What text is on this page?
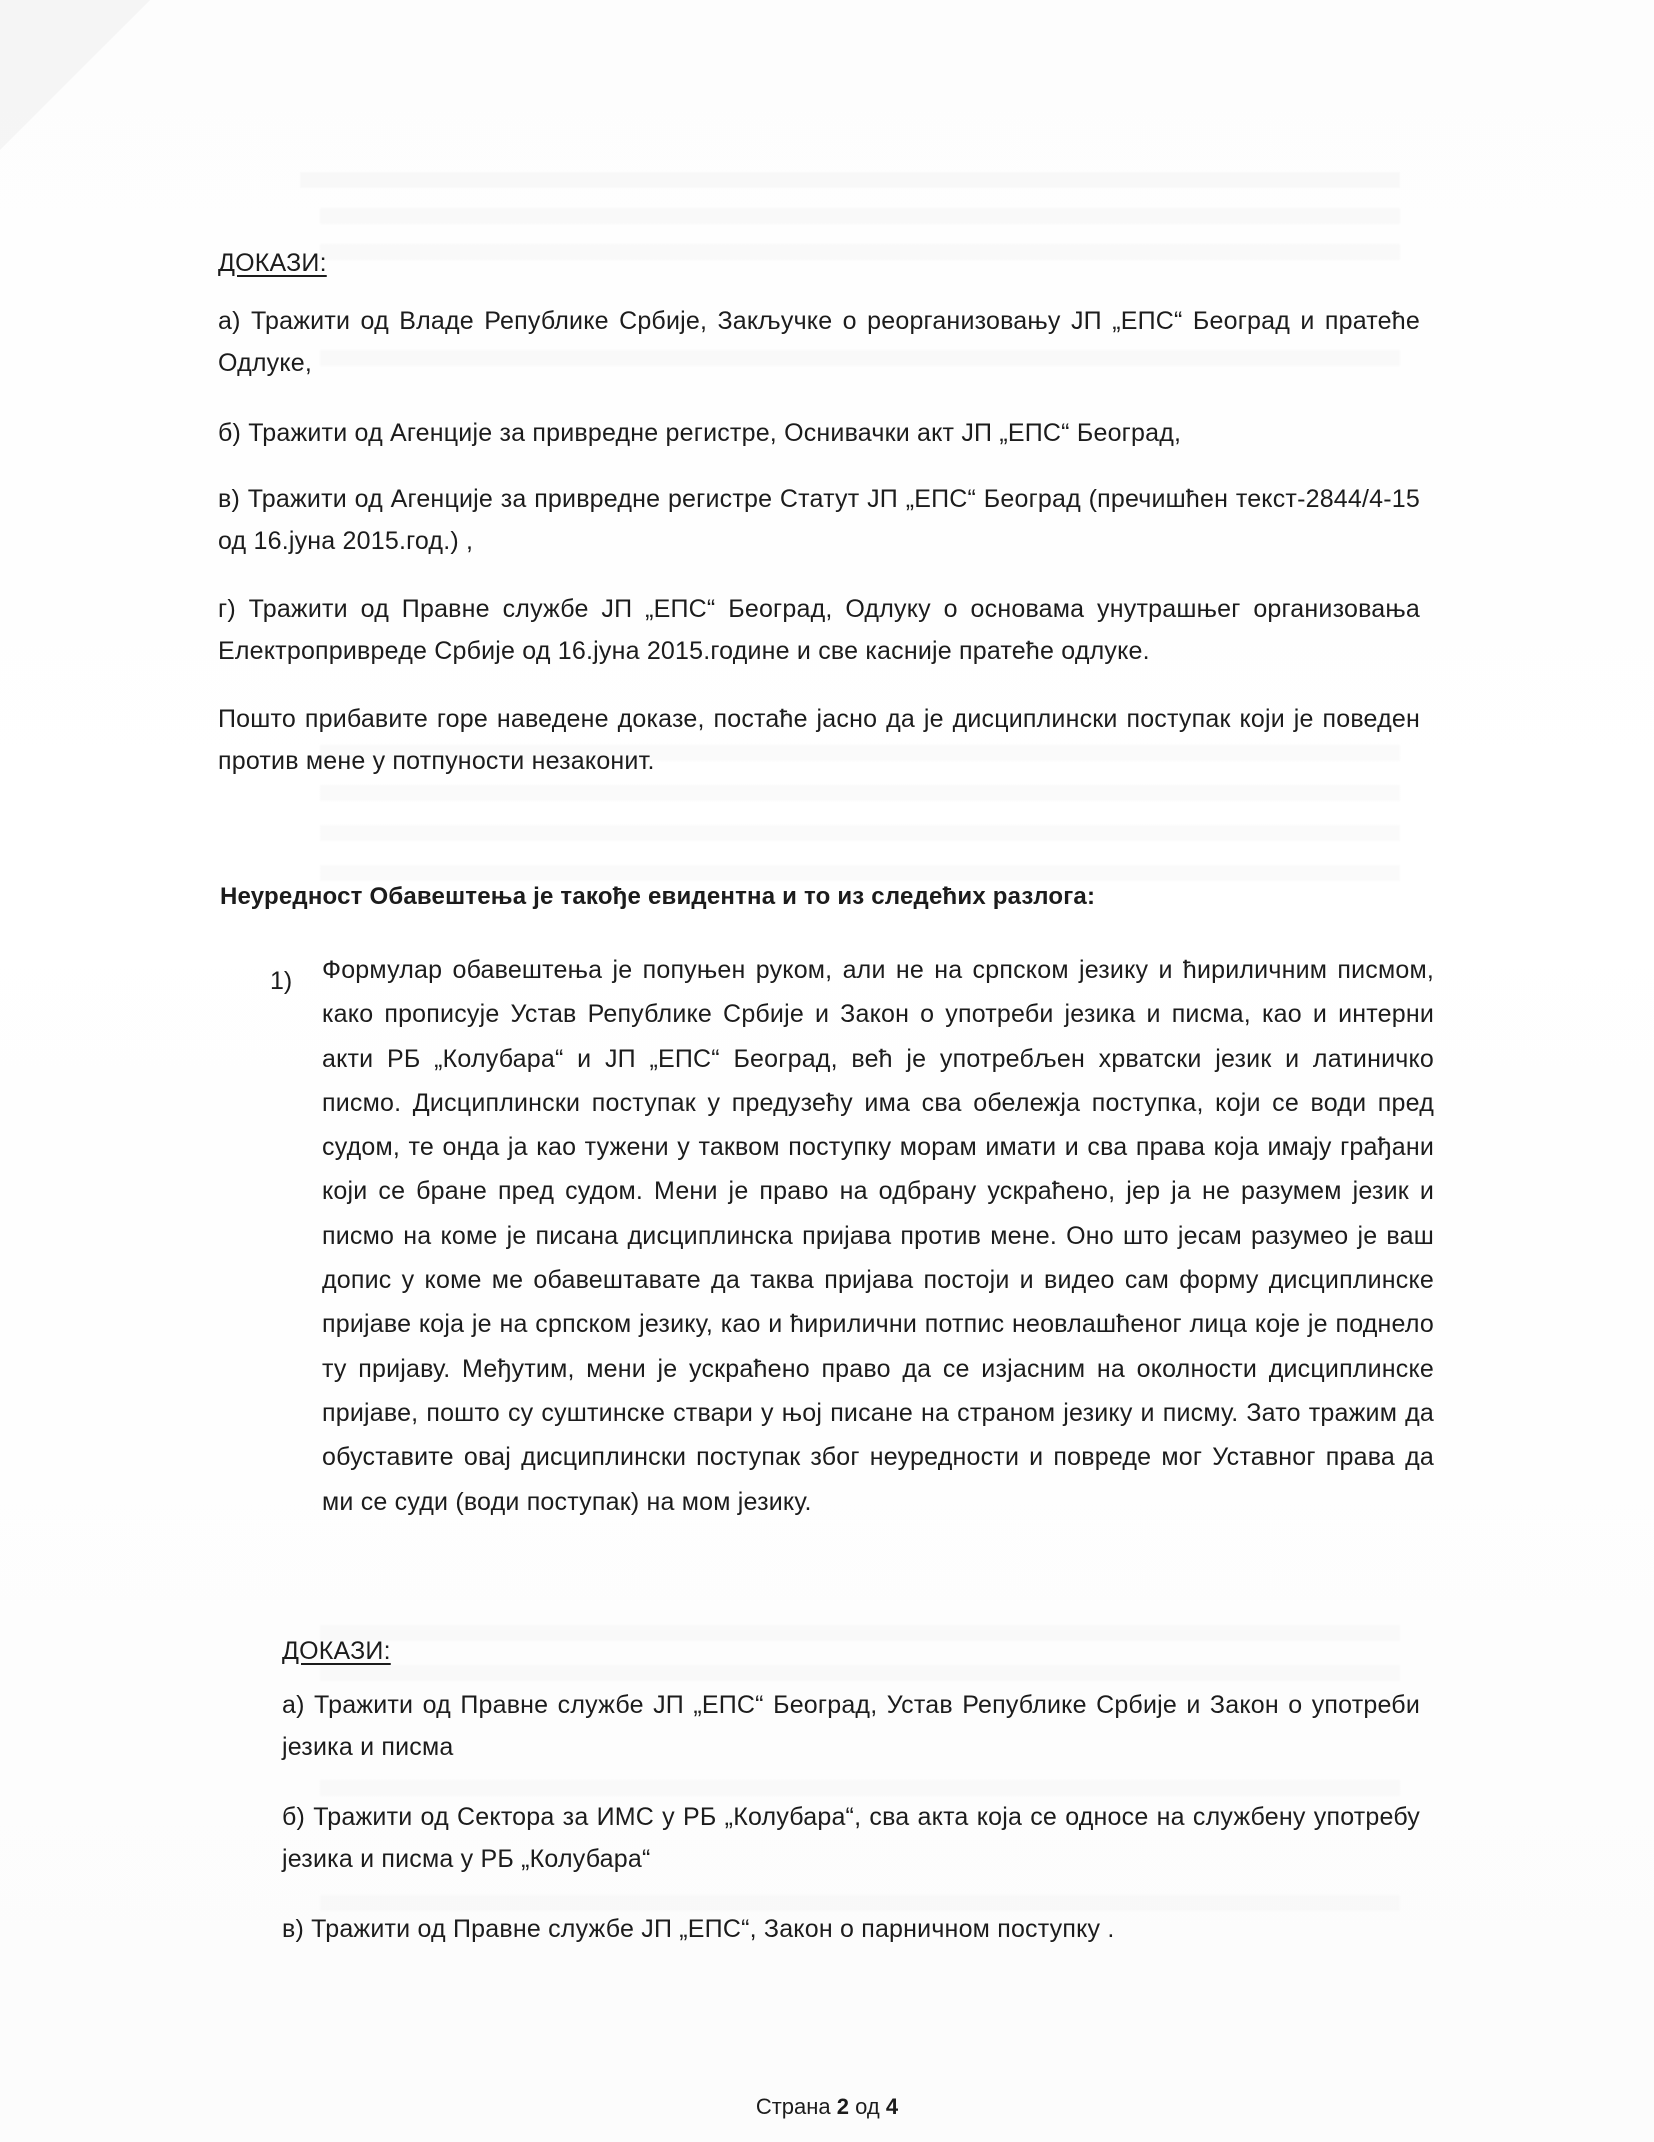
ДОКАЗИ:
а) Тражити од Владе Републике Србије, Закључке о реорганизовању ЈП „ЕПС“ Београд и пратеће Одлуке,
б) Тражити од Агенције за привредне регистре, Оснивачки акт ЈП „ЕПС“ Београд,
в) Тражити од Агенције за привредне регистре Статут ЈП „ЕПС“ Београд (пречишћен текст-2844/4-15 од 16.јуна 2015.год.) ,
г) Тражити од Правне службе ЈП „ЕПС“ Београд, Одлуку о основама унутрашњег организовања Електропривреде Србије од 16.јуна 2015.године и све касније пратеће одлуке.
Пошто прибавите горе наведене доказе, постаће јасно да је дисциплински поступак који је поведен против мене у потпуности незаконит.
Неуредност Обавештења је такође евидентна и то из следећих разлога:
1) Формулар обавештења је попуњен руком, али не на српском језику и ћириличним писмом, како прописује Устав Републике Србије и Закон о употреби језика и писма, као и интерни акти РБ „Колубара“ и ЈП „ЕПС“ Београд, већ је употребљен хрватски језик и латиничко писмо. Дисциплински поступак у предузећу има сва обележја поступка, који се води пред судом, те онда ја као тужени у таквом поступку морам имати и сва права која имају грађани који се бране пред судом. Мени је право на одбрану ускраћено, јер ја не разумем језик и писмо на коме је писана дисциплинска пријава против мене. Оно што јесам разумео је ваш допис у коме ме обавештавате да таква пријава постоји и видео сам форму дисциплинске пријаве која је на српском језику, као и ћирилични потпис неовлашћеног лица које је поднело ту пријаву. Међутим, мени је ускраћено право да се изјасним на околности дисциплинске пријаве, пошто су суштинске ствари у њој писане на страном језику и писму. Зато тражим да обуставите овај дисциплински поступак због неуредности и повреде мог Уставног права да ми се суди (води поступак) на мом језику.
ДОКАЗИ:
а) Тражити од Правне службе ЈП „ЕПС“ Београд, Устав Републике Србије и Закон о употреби језика и писма
б) Тражити од Сектора за ИМС у РБ „Колубара“, сва акта која се односе на службену употребу језика и писма у РБ „Колубара“
в) Тражити од Правне службе ЈП „ЕПС“, Закон о парничном поступку .
Страна 2 од 4
